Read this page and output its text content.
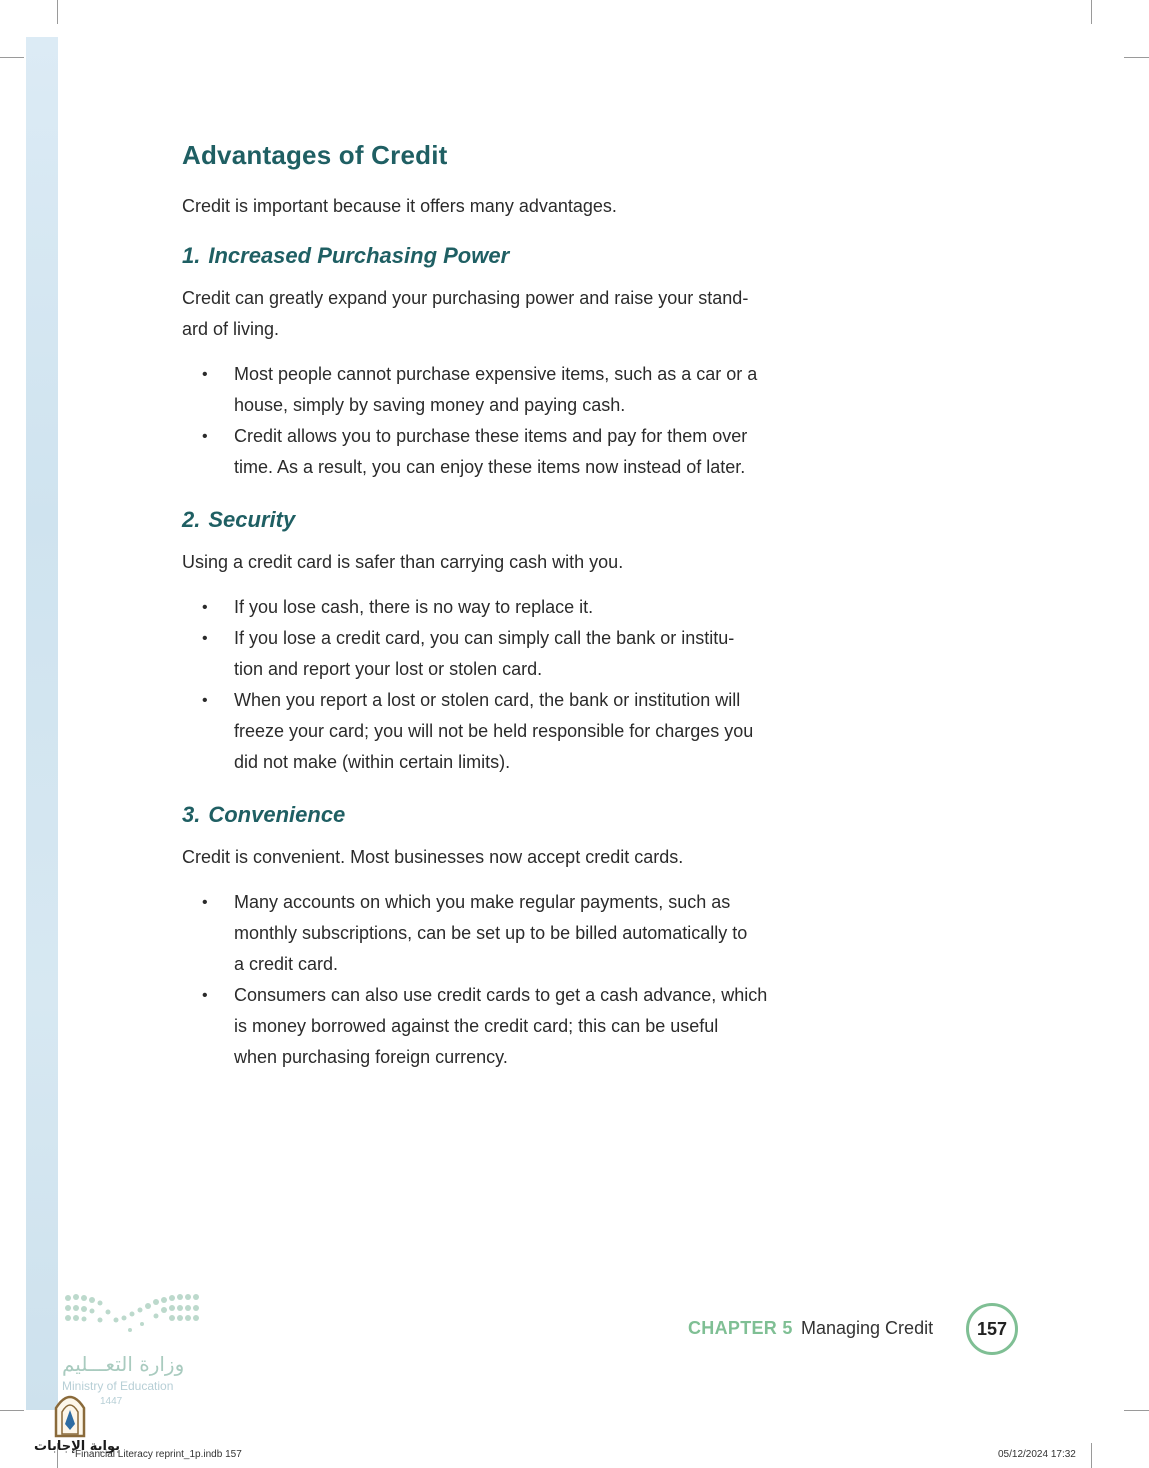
Advantages of Credit

Credit is important because it offers many advantages.

1. Increased Purchasing Power

Credit can greatly expand your purchasing power and raise your stand-
ard of living.

• Most people cannot purchase expensive items, such as a car or a
house, simply by saving money and paying cash.
• Credit allows you to purchase these items and pay for them over
time. As a result, you can enjoy these items now instead of later.
2. Security

Using a credit card is safer than carrying cash with you.

• If you lose cash, there is no way to replace it.
• If you lose a credit card, you can simply call the bank or institu-
tion and report your lost or stolen card.
• When you report a lost or stolen card, the bank or institution will
freeze your card; you will not be held responsible for charges you
did not make (within certain limits).
3. Convenience

Credit is convenient. Most businesses now accept credit cards.

• Many accounts on which you make regular payments, such as
monthly subscriptions, can be set up to be billed automatically to
a credit card.
• Consumers can also use credit cards to get a cash advance, which
is money borrowed against the credit card; this can be useful
when purchasing foreign currency.
CHAPTER 5 Managing Credit	157
وزارة التعـــليم
Ministry of Education
1447
بوابة الإجابات
Financial Literacy reprint_1p.indb 157	05/12/2024 17:32
